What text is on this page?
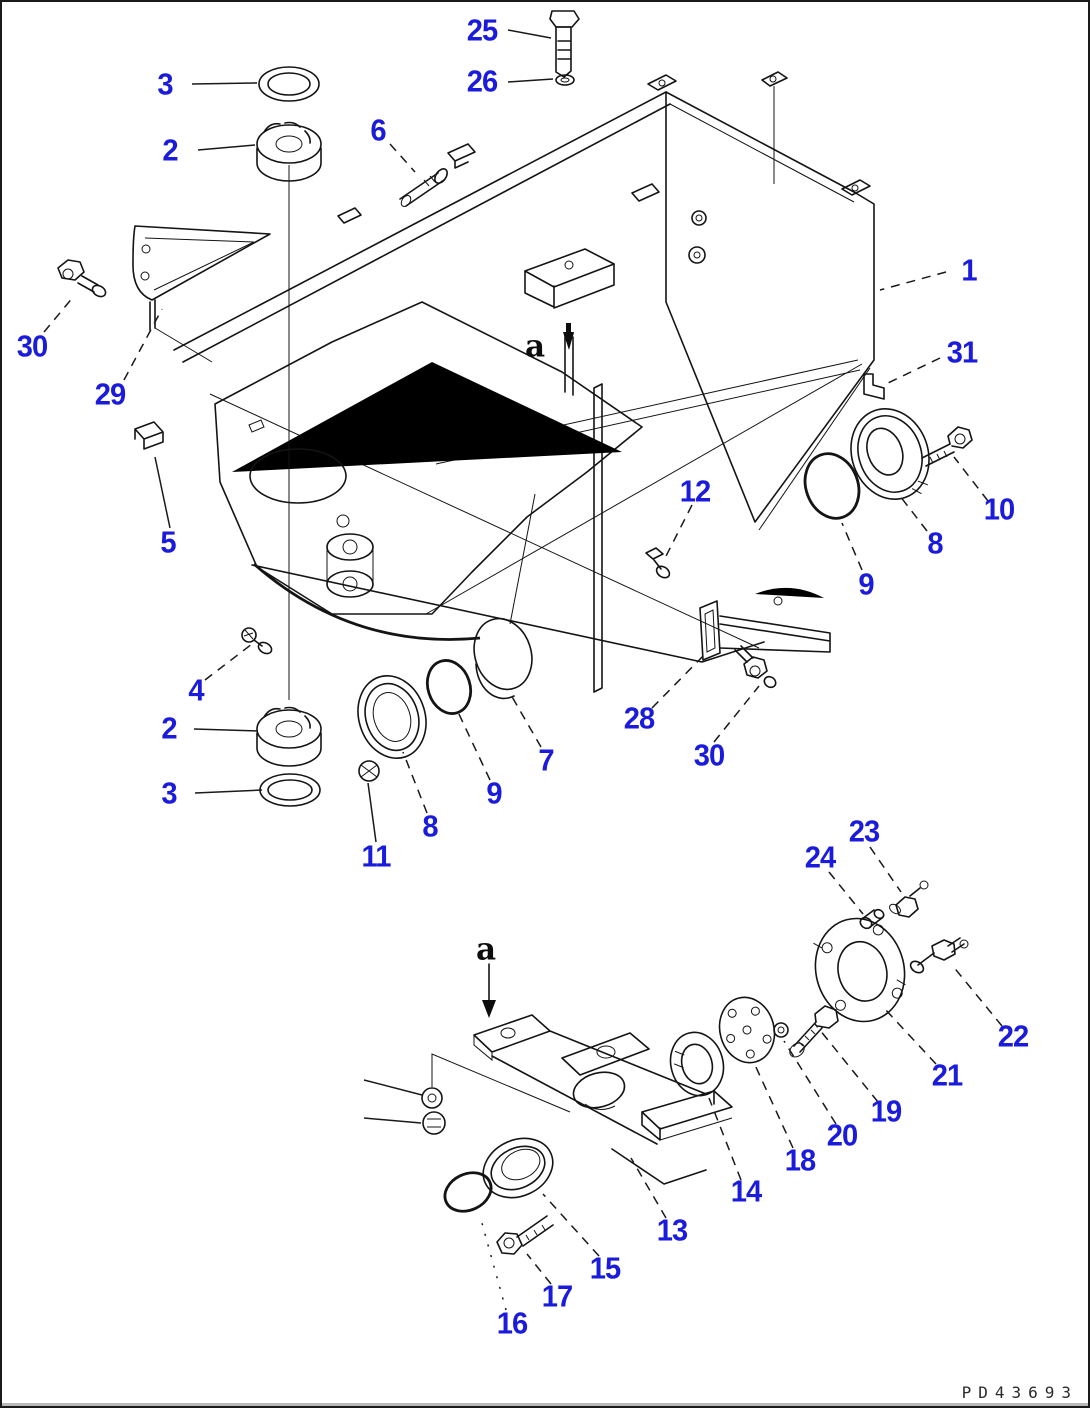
25
26
3
2
6
1
30
29
31
5
12
10
8
9
4
2
3
11
8
9
7
28
30
23
24
22
21
19
20
18
14
13
15
17
16
a
a
PD43693
